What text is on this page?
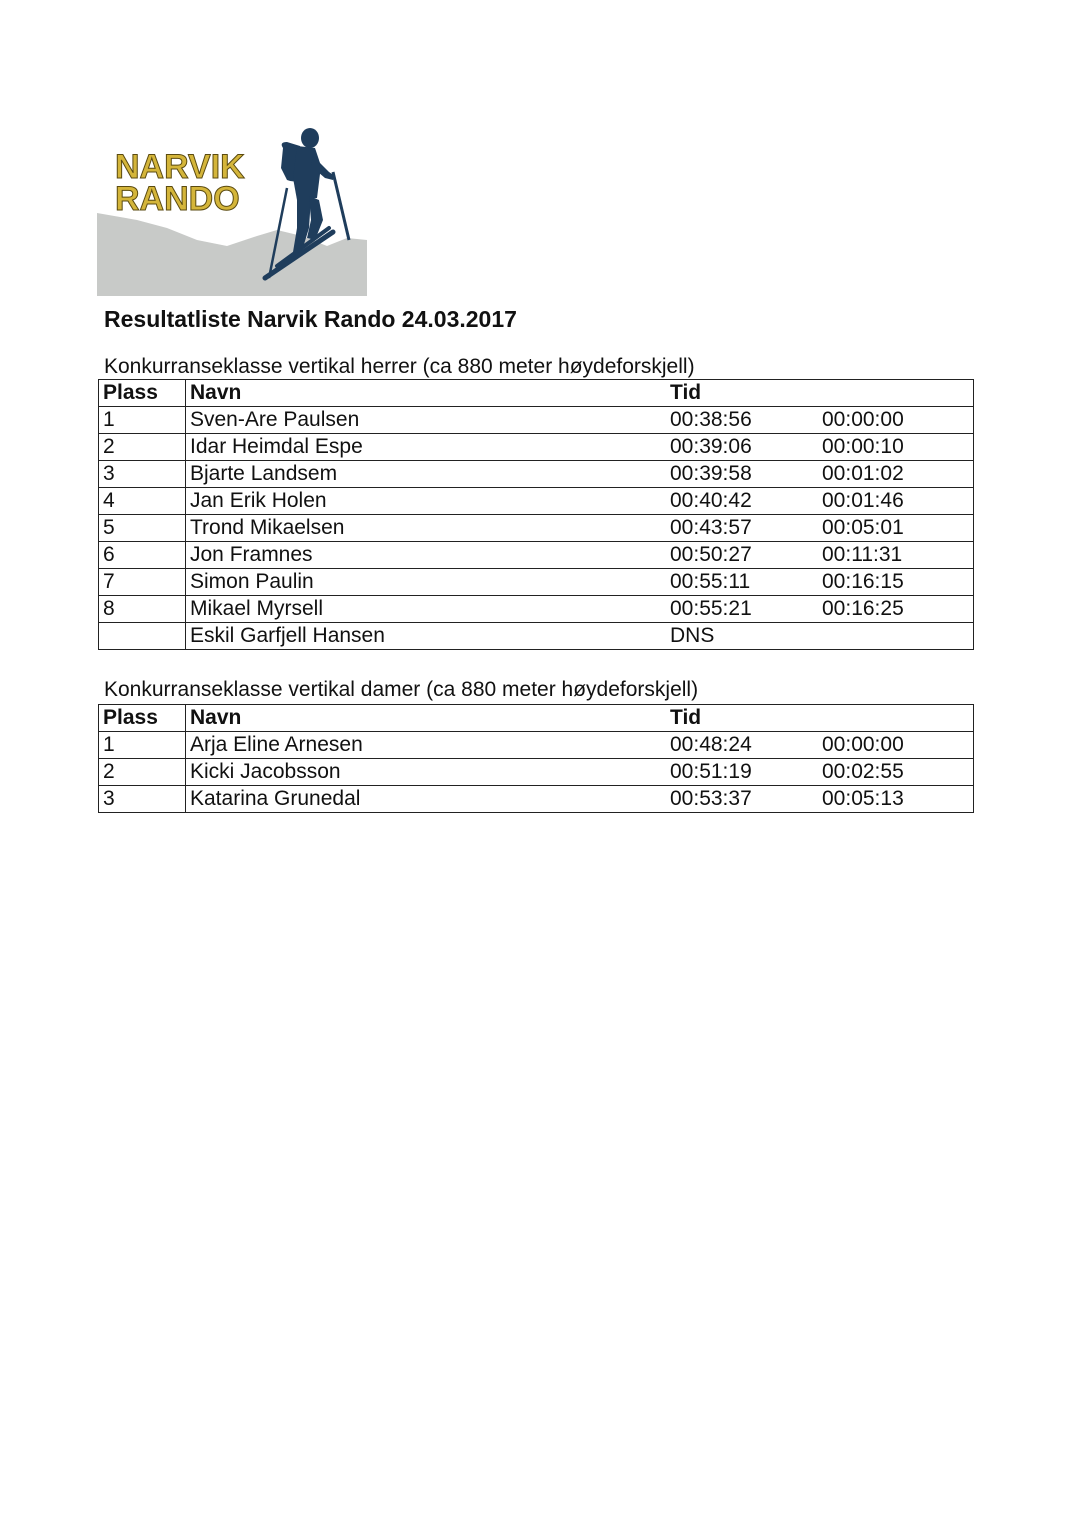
NARVIK
RANDO
Resultatliste Narvik Rando 24.03.2017
Konkurranseklasse vertikal herrer (ca 880 meter høydeforskjell)
Plass	Navn	Tid	
1	Sven-Are Paulsen	00:38:56	00:00:00
2	Idar Heimdal Espe	00:39:06	00:00:10
3	Bjarte Landsem	00:39:58	00:01:02
4	Jan Erik Holen	00:40:42	00:01:46
5	Trond Mikaelsen	00:43:57	00:05:01
6	Jon Framnes	00:50:27	00:11:31
7	Simon Paulin	00:55:11	00:16:15
8	Mikael Myrsell	00:55:21	00:16:25
	Eskil Garfjell Hansen	DNS	
Konkurranseklasse vertikal damer (ca 880 meter høydeforskjell)
Plass	Navn	Tid	
1	Arja Eline Arnesen	00:48:24	00:00:00
2	Kicki Jacobsson	00:51:19	00:02:55
3	Katarina Grunedal	00:53:37	00:05:13
